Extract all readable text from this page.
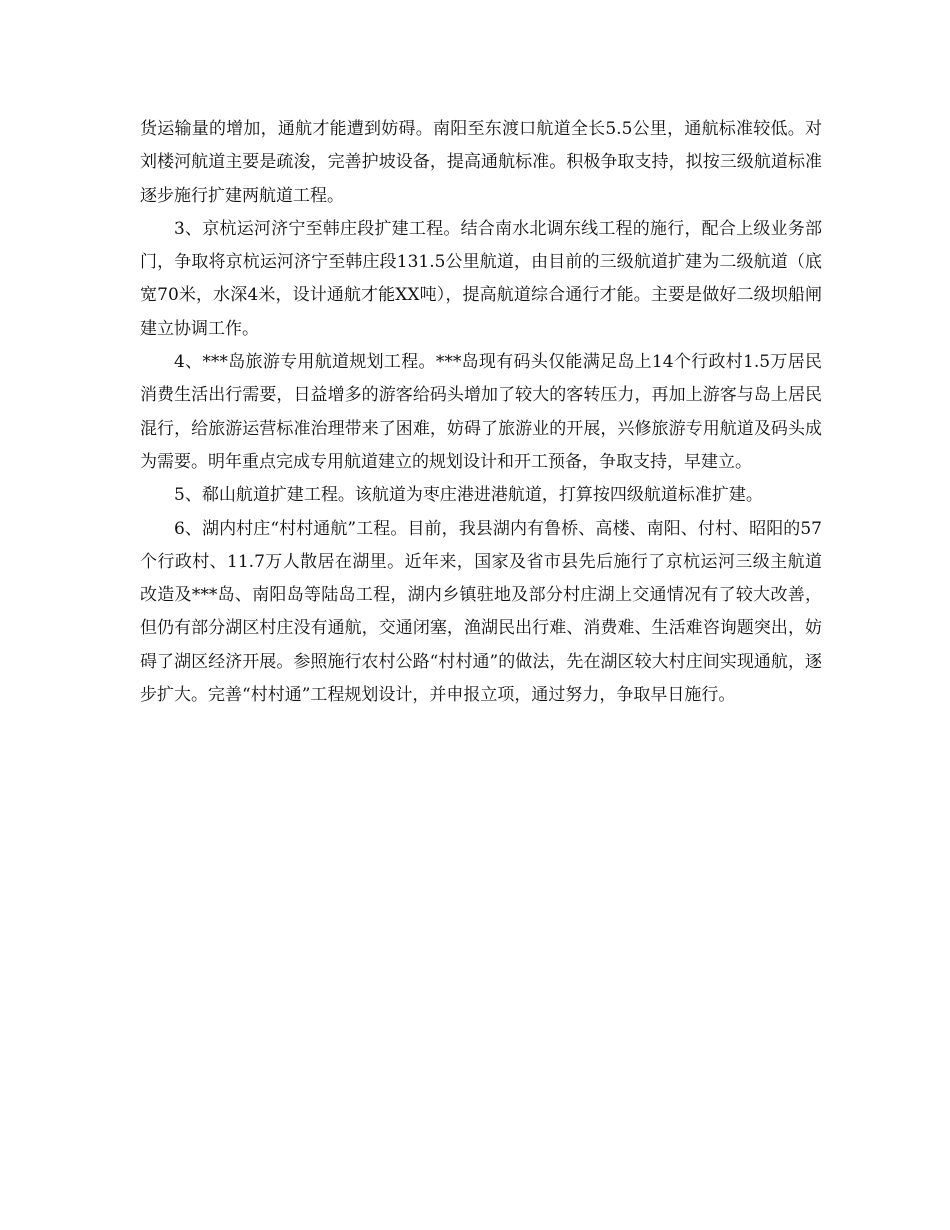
货运输量的增加，通航才能遭到妨碍。南阳至东渡口航道全长5.5公里，通航标准较低。对刘楼河航道主要是疏浚，完善护坡设备，提高通航标准。积极争取支持，拟按三级航道标准逐步施行扩建两航道工程。

3、京杭运河济宁至韩庄段扩建工程。结合南水北调东线工程的施行，配合上级业务部门，争取将京杭运河济宁至韩庄段131.5公里航道，由目前的三级航道扩建为二级航道（底宽70米，水深4米，设计通航才能XX吨），提高航道综合通行才能。主要是做好二级坝船闸建立协调工作。

4、***岛旅游专用航道规划工程。***岛现有码头仅能满足岛上14个行政村1.5万居民消费生活出行需要，日益增多的游客给码头增加了较大的客转压力，再加上游客与岛上居民混行，给旅游运营标准治理带来了困难，妨碍了旅游业的开展，兴修旅游专用航道及码头成为需要。明年重点完成专用航道建立的规划设计和开工预备，争取支持，早建立。

5、郗山航道扩建工程。该航道为枣庄港进港航道，打算按四级航道标准扩建。

6、湖内村庄“村村通航”工程。目前，我县湖内有鲁桥、高楼、南阳、付村、昭阳的57个行政村、11.7万人散居在湖里。近年来，国家及省市县先后施行了京杭运河三级主航道改造及***岛、南阳岛等陆岛工程，湖内乡镇驻地及部分村庄湖上交通情况有了较大改善，但仍有部分湖区村庄没有通航，交通闭塞，渔湖民出行难、消费难、生活难咨询题突出，妨碍了湖区经济开展。参照施行农村公路“村村通”的做法，先在湖区较大村庄间实现通航，逐步扩大。完善“村村通”工程规划设计，并申报立项，通过努力，争取早日施行。
